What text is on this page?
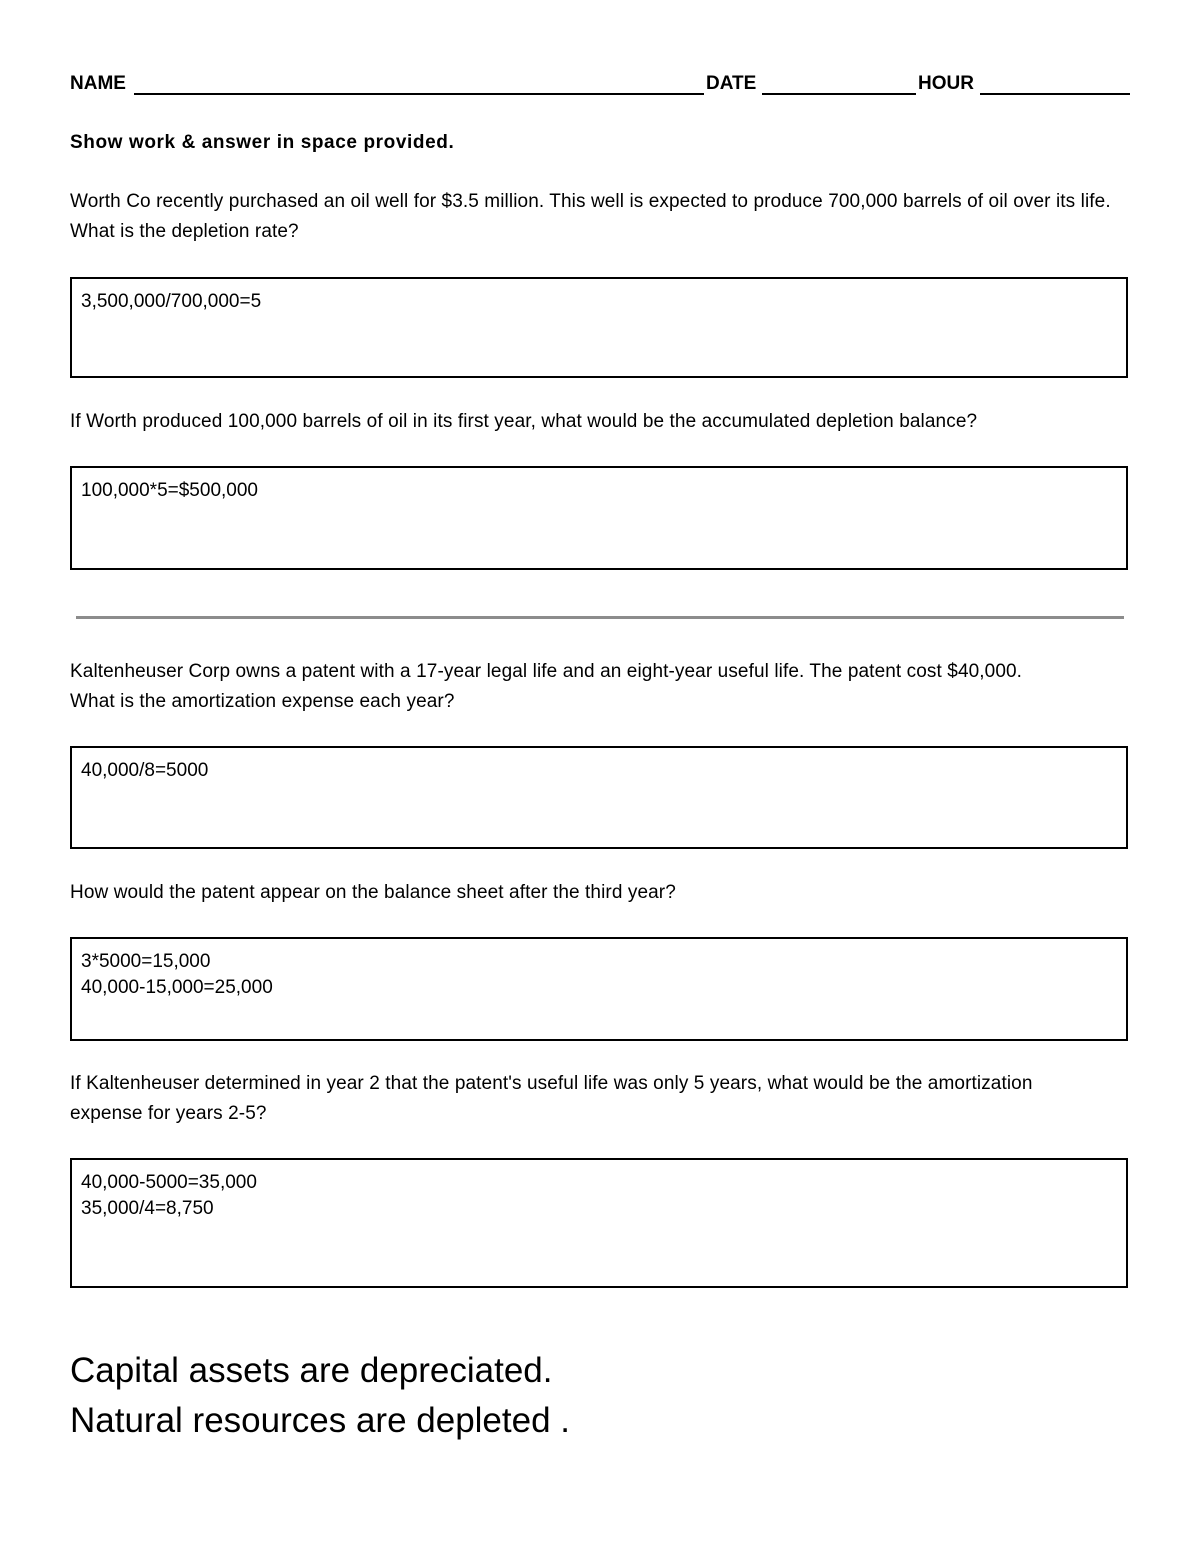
NAME	DATE	HOUR
Show work & answer in space provided.
Worth Co recently purchased an oil well for $3.5 million. This well is expected to produce 700,000 barrels of oil over its life. What is the depletion rate?
3,500,000/700,000=5
If Worth produced 100,000 barrels of oil in its first year, what would be the accumulated depletion balance?
100,000*5=$500,000
Kaltenheuser Corp owns a patent with a 17-year legal life and an eight-year useful life. The patent cost $40,000. What is the amortization expense each year?
40,000/8=5000
How would the patent appear on the balance sheet after the third year?
3*5000=15,000
40,000-15,000=25,000
If Kaltenheuser determined in year 2 that the patent's useful life was only 5 years, what would be the amortization expense for years 2-5?
40,000-5000=35,000
35,000/4=8,750
Capital assets are depreciated.
Natural resources are depleted .
